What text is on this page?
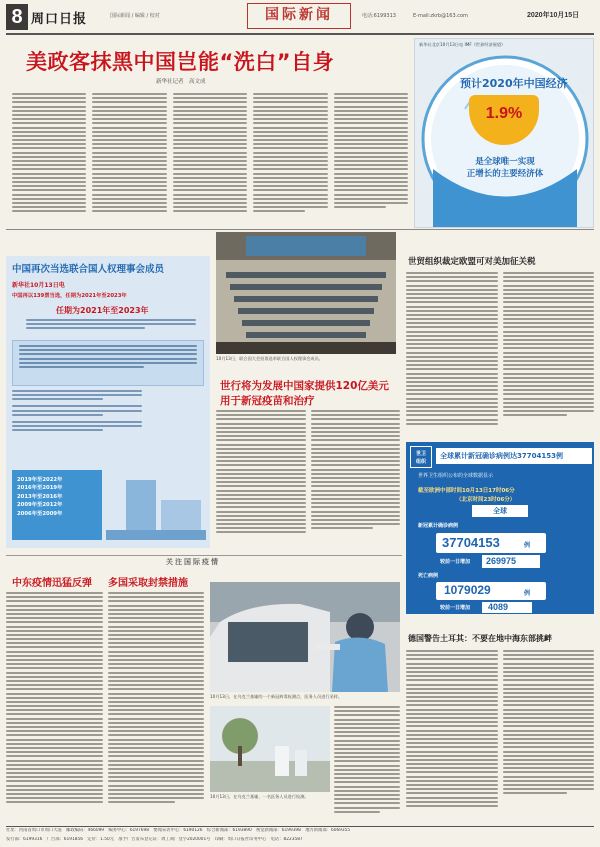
8 周口日报	国际新闻 / 编辑 / 校对	国际新闻	电话:6199313	E-mail:zkrb@163.com	2020年10月15日
美政客抹黑中国岂能“洗白”自身
新华社记者　高文成
新华社北京10月13日电 IMF《世界经济展望》
预计2020年中国经济
1.9%
是全球唯一实现
正增长的主要经济体
中国再次当选联合国人权理事会成员
新华社10月13日电
中国再以139票当选，任期为2021年至2023年
任期为2021年至2023年
2019年至2022年
2016年至2019年
2013年至2016年
2009年至2012年
2006年至2009年
10月13日，联合国大会投票选举联合国人权理事会成员。
世行将为发展中国家提供120亿美元
用于新冠疫苗和治疗
世贸组织裁定欧盟可对美加征关税
世卫
组织
全球累计新冠确诊病例达37704153例
世界卫生组织公布的全球数据显示
截至欧洲中部时间10月13日17时06分
（北京时间23时06分）
全球
新冠累计确诊病例
37704153	例
较前一日增加 269975
死亡病例
1079029	例
较前一日增加 4089
关注国际疫情
中东疫情迅猛反弹 多国采取封禁措施
10月13日，在乌克兰基辅的一个新冠病毒检测点，医务人员进行采样。
10月13日，在乌克兰基辅，一名医务人员进行检测。
德国警告土耳其：不要在地中海东部挑衅
社址：河南省周口市周口大道　邮政编码：466099　编务中心：6197698　要闻采访中心：6190126　综合新闻部：6193890　视觉新闻部：6199398　地方新闻部：6069355
发行部：6199316　广告部：6191856　定价：1.50元　准予广告发布登记证：周工商广登字2020001号　印刷：周口日报社印务中心　电话：8223587
